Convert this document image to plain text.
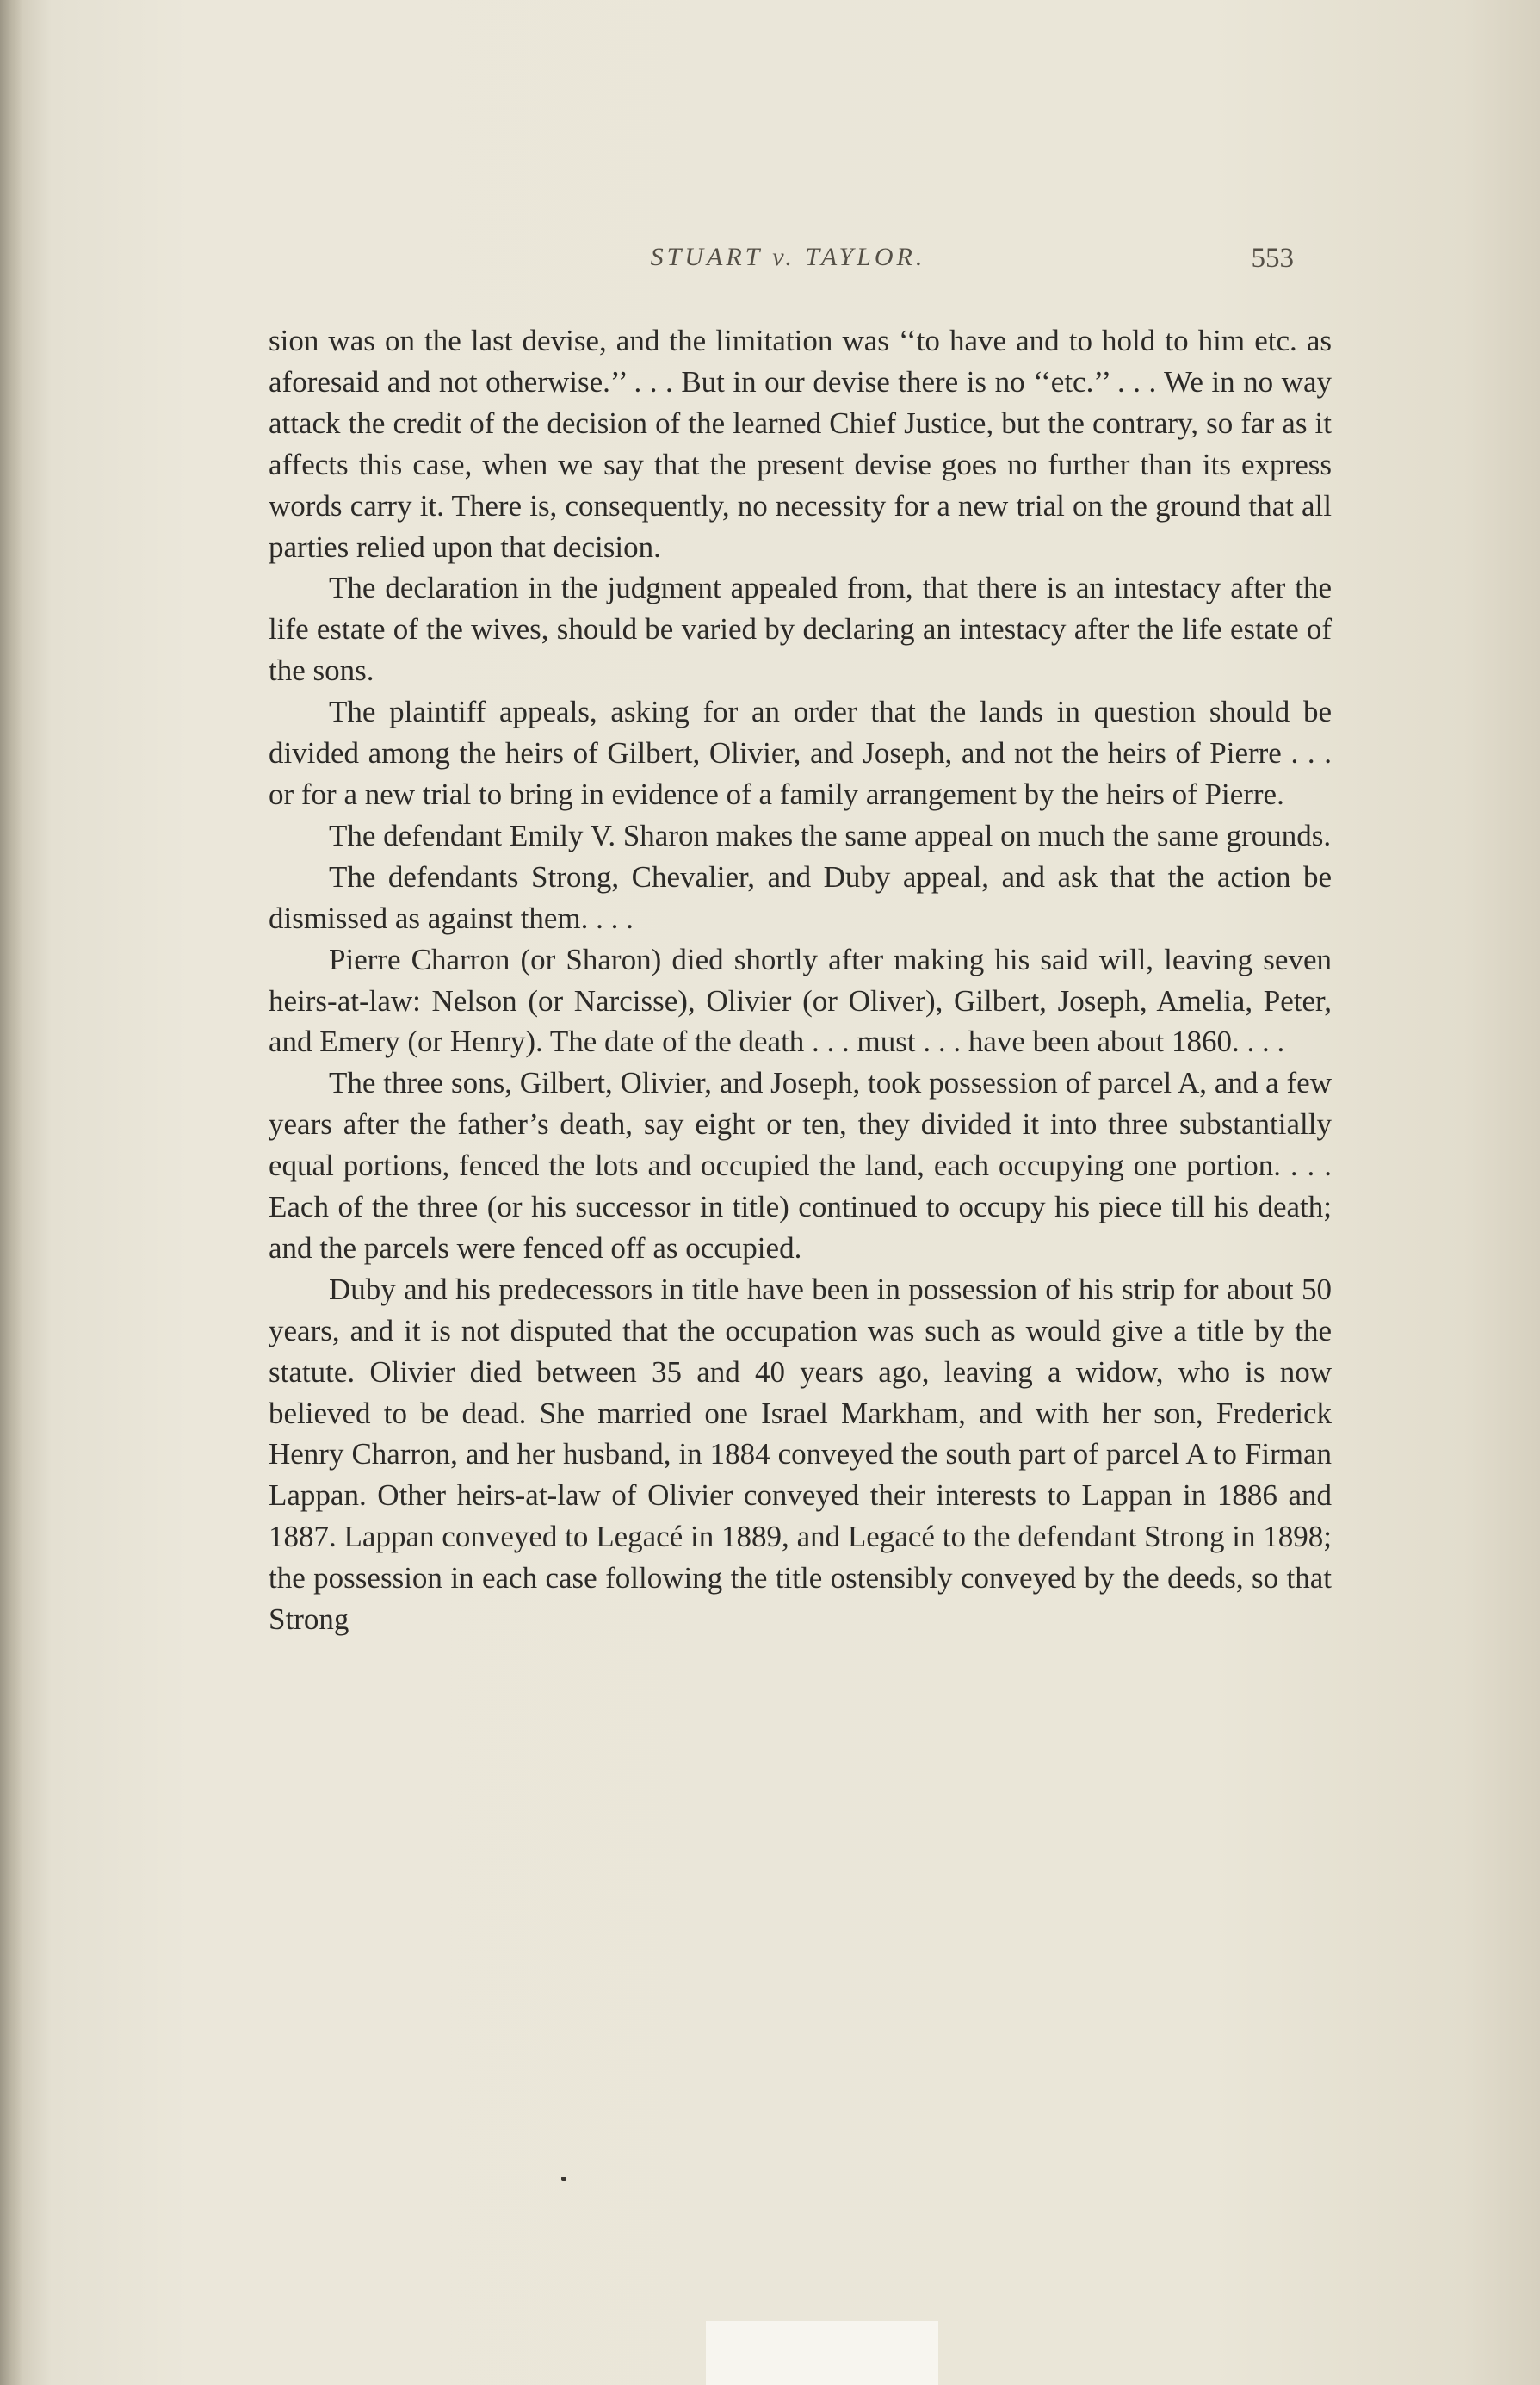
STUART v. TAYLOR.	553

sion was on the last devise, and the limitation was ‘‘to have and to hold to him etc. as aforesaid and not otherwise.’’ . . . But in our devise there is no ‘‘etc.’’ . . . We in no way attack the credit of the decision of the learned Chief Justice, but the contrary, so far as it affects this case, when we say that the present devise goes no further than its express words carry it. There is, consequently, no necessity for a new trial on the ground that all parties relied upon that decision.

The declaration in the judgment appealed from, that there is an intestacy after the life estate of the wives, should be varied by declaring an intestacy after the life estate of the sons.

The plaintiff appeals, asking for an order that the lands in question should be divided among the heirs of Gilbert, Olivier, and Joseph, and not the heirs of Pierre . . . or for a new trial to bring in evidence of a family arrangement by the heirs of Pierre.

The defendant Emily V. Sharon makes the same appeal on much the same grounds.

The defendants Strong, Chevalier, and Duby appeal, and ask that the action be dismissed as against them. . . .

Pierre Charron (or Sharon) died shortly after making his said will, leaving seven heirs-at-law: Nelson (or Narcisse), Olivier (or Oliver), Gilbert, Joseph, Amelia, Peter, and Emery (or Henry). The date of the death . . . must . . . have been about 1860. . . .

The three sons, Gilbert, Olivier, and Joseph, took possession of parcel A, and a few years after the father’s death, say eight or ten, they divided it into three substantially equal portions, fenced the lots and occupied the land, each occupying one portion. . . . Each of the three (or his successor in title) continued to occupy his piece till his death; and the parcels were fenced off as occupied.

Duby and his predecessors in title have been in possession of his strip for about 50 years, and it is not disputed that the occupation was such as would give a title by the statute. Olivier died between 35 and 40 years ago, leaving a widow, who is now believed to be dead. She married one Israel Markham, and with her son, Frederick Henry Charron, and her husband, in 1884 conveyed the south part of parcel A to Firman Lappan. Other heirs-at-law of Olivier conveyed their interests to Lappan in 1886 and 1887. Lappan conveyed to Legacé in 1889, and Legacé to the defendant Strong in 1898; the possession in each case following the title ostensibly conveyed by the deeds, so that Strong
